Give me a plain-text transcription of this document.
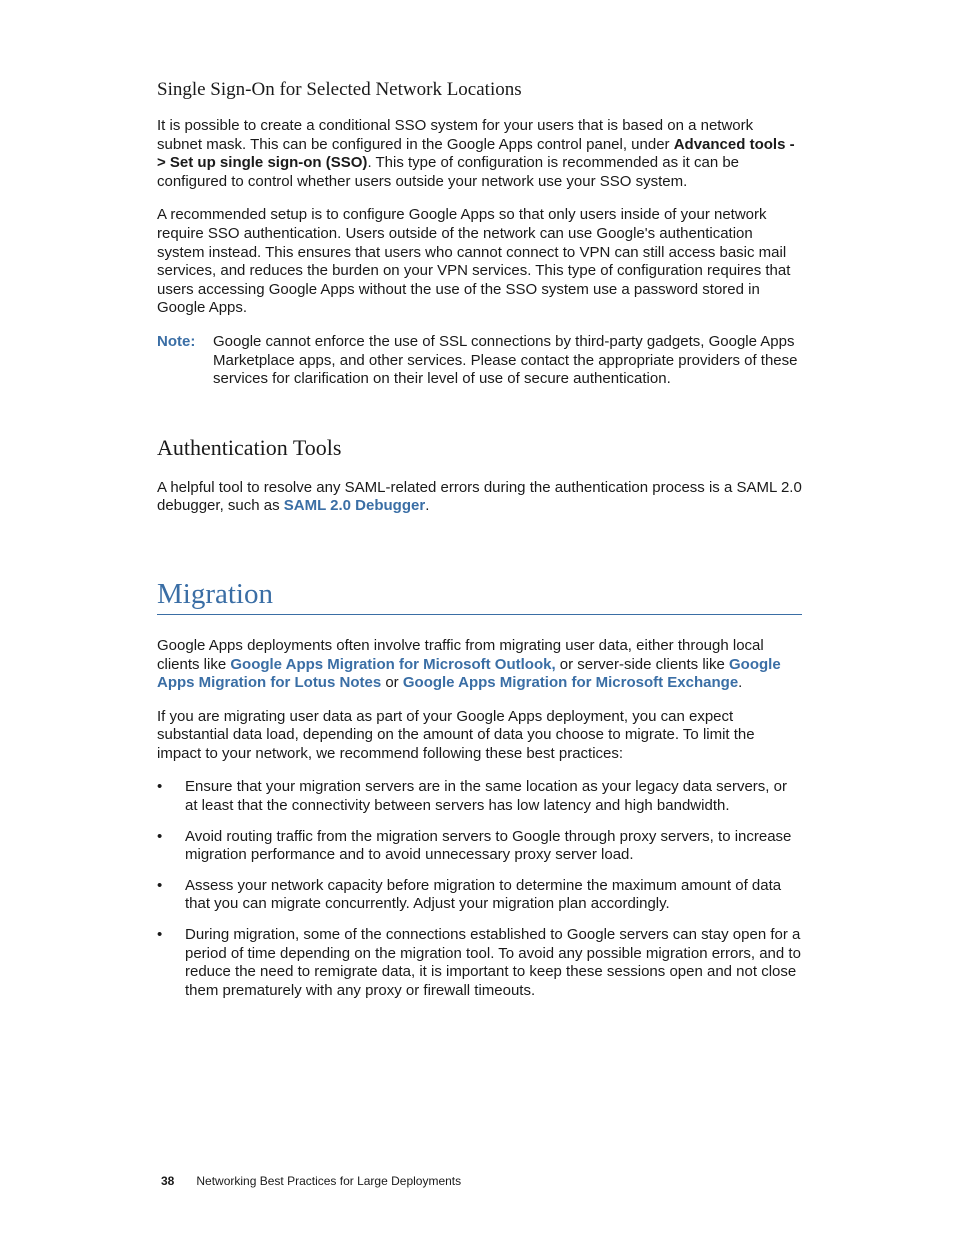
Single Sign-On for Selected Network Locations

It is possible to create a conditional SSO system for your users that is based on a network subnet mask. This can be configured in the Google Apps control panel, under Advanced tools -> Set up single sign-on (SSO). This type of configuration is recommended as it can be configured to control whether users outside your network use your SSO system.

A recommended setup is to configure Google Apps so that only users inside of your network require SSO authentication. Users outside of the network can use Google's authentication system instead. This ensures that users who cannot connect to VPN can still access basic mail services, and reduces the burden on your VPN services. This type of configuration requires that users accessing Google Apps without the use of the SSO system use a password stored in Google Apps.

Note: Google cannot enforce the use of SSL connections by third-party gadgets, Google Apps Marketplace apps, and other services. Please contact the appropriate providers of these services for clarification on their level of use of secure authentication.
Authentication Tools

A helpful tool to resolve any SAML-related errors during the authentication process is a SAML 2.0 debugger, such as SAML 2.0 Debugger.

Migration

Google Apps deployments often involve traffic from migrating user data, either through local clients like Google Apps Migration for Microsoft Outlook, or server-side clients like Google Apps Migration for Lotus Notes or Google Apps Migration for Microsoft Exchange.

If you are migrating user data as part of your Google Apps deployment, you can expect substantial data load, depending on the amount of data you choose to migrate. To limit the impact to your network, we recommend following these best practices:

• Ensure that your migration servers are in the same location as your legacy data servers, or at least that the connectivity between servers has low latency and high bandwidth.
• Avoid routing traffic from the migration servers to Google through proxy servers, to increase migration performance and to avoid unnecessary proxy server load.
• Assess your network capacity before migration to determine the maximum amount of data that you can migrate concurrently. Adjust your migration plan accordingly.
• During migration, some of the connections established to Google servers can stay open for a period of time depending on the migration tool. To avoid any possible migration errors, and to reduce the need to remigrate data, it is important to keep these sessions open and not close them prematurely with any proxy or firewall timeouts.
38 Networking Best Practices for Large Deployments
